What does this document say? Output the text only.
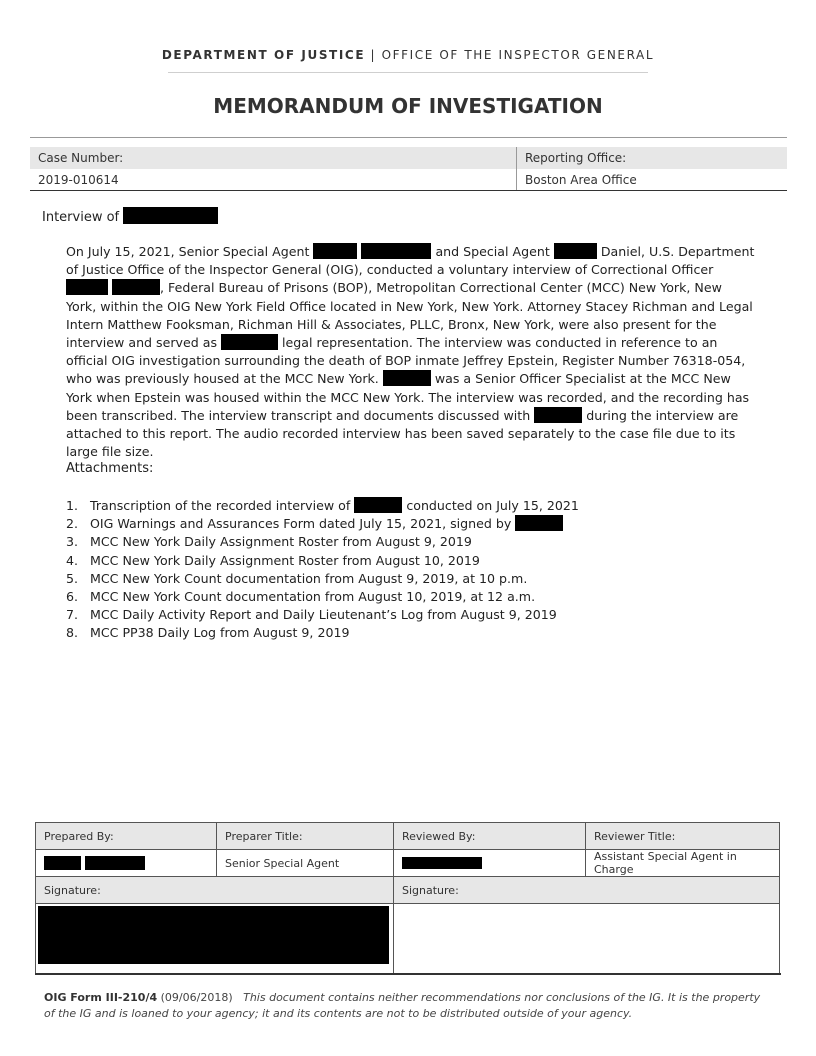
DEPARTMENT OF JUSTICE | OFFICE OF THE INSPECTOR GENERAL
MEMORANDUM OF INVESTIGATION
Case Number:	Reporting Office:
2019-010614	Boston Area Office
Interview of
On July 15, 2021, Senior Special Agent	and Special Agent	Daniel, U.S. Department of Justice Office of the Inspector General (OIG), conducted a voluntary interview of Correctional Officer  , Federal Bureau of Prisons (BOP), Metropolitan Correctional Center (MCC) New York, New York, within the OIG New York Field Office located in New York, New York. Attorney Stacey Richman and Legal Intern Matthew Fooksman, Richman Hill & Associates, PLLC, Bronx, New York, were also present for the interview and served as	legal representation. The interview was conducted in reference to an official OIG investigation surrounding the death of BOP inmate Jeffrey Epstein, Register Number 76318-054, who was previously housed at the MCC New York.	was a Senior Officer Specialist at the MCC New York when Epstein was housed within the MCC New York. The interview was recorded, and the recording has been transcribed. The interview transcript and documents discussed with	during the interview are attached to this report. The audio recorded interview has been saved separately to the case file due to its large file size.
Attachments:
1. Transcription of the recorded interview of	conducted on July 15, 2021
2. OIG Warnings and Assurances Form dated July 15, 2021, signed by
3. MCC New York Daily Assignment Roster from August 9, 2019
4. MCC New York Daily Assignment Roster from August 10, 2019
5. MCC New York Count documentation from August 9, 2019, at 10 p.m.
6. MCC New York Count documentation from August 10, 2019, at 12 a.m.
7. MCC Daily Activity Report and Daily Lieutenant’s Log from August 9, 2019
8. MCC PP38 Daily Log from August 9, 2019
Prepared By:	Preparer Title:	Reviewed By:	Reviewer Title:
	Senior Special Agent		Assistant Special Agent in Charge
Signature:		Signature:	

OIG Form III-210/4 (09/06/2018) This document contains neither recommendations nor conclusions of the IG. It is the property of the IG and is loaned to your agency; it and its contents are not to be distributed outside of your agency.
